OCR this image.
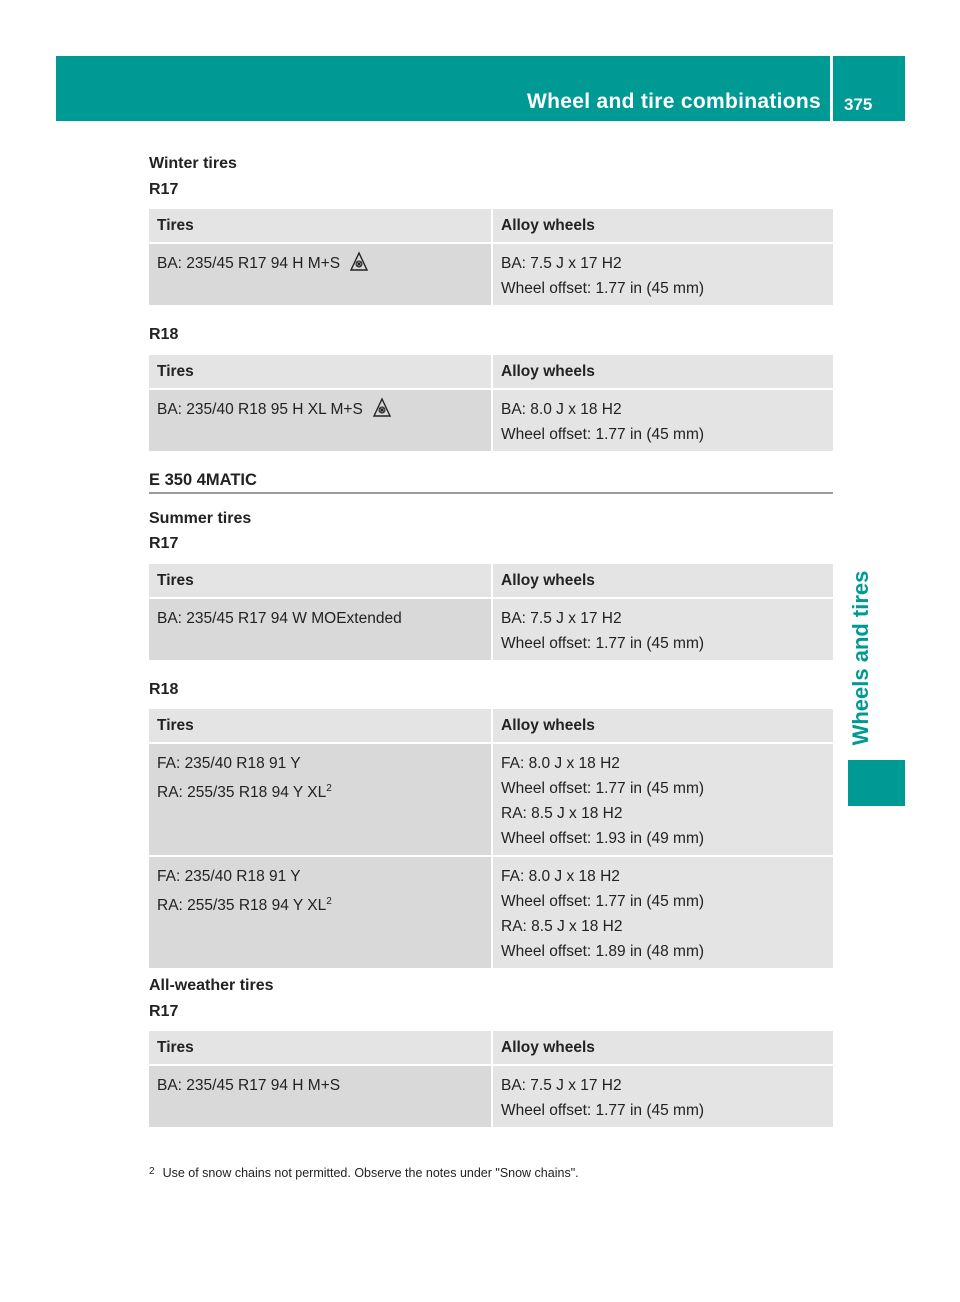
Wheel and tire combinations 375
Wheels and tires
Winter tires
R17
Tires	Alloy wheels

BA: 235/45 R17 94 H M+S	BA: 7.5 J x 17 H2
Wheel offset: 1.77 in (45 mm)
R18
Tires	Alloy wheels

BA: 235/40 R18 95 H XL M+S	BA: 8.0 J x 18 H2
Wheel offset: 1.77 in (45 mm)
E 350 4MATIC
Summer tires
R17
Tires	Alloy wheels

BA: 235/45 R17 94 W MOExtended	BA: 7.5 J x 17 H2
Wheel offset: 1.77 in (45 mm)
R18
Tires	Alloy wheels

FA: 235/40 R18 91 Y
RA: 255/35 R18 94 Y $XL^2$	FA: 8.0 J x 18 H2
Wheel offset: 1.77 in (45 mm)
RA: 8.5 J x 18 H2
Wheel offset: 1.93 in (49 mm)

FA: 235/40 R18 91 Y
RA: 255/35 R18 94 Y $XL^2$	FA: 8.0 J x 18 H2
Wheel offset: 1.77 in (45 mm)
RA: 8.5 J x 18 H2
Wheel offset: 1.89 in (48 mm)
All-weather tires
R17
Tires	Alloy wheels

BA: 235/45 R17 94 H M+S	BA: 7.5 J x 17 H2
Wheel offset: 1.77 in (45 mm)
$^2$ Use of snow chains not permitted. Observe the notes under "Snow chains".
